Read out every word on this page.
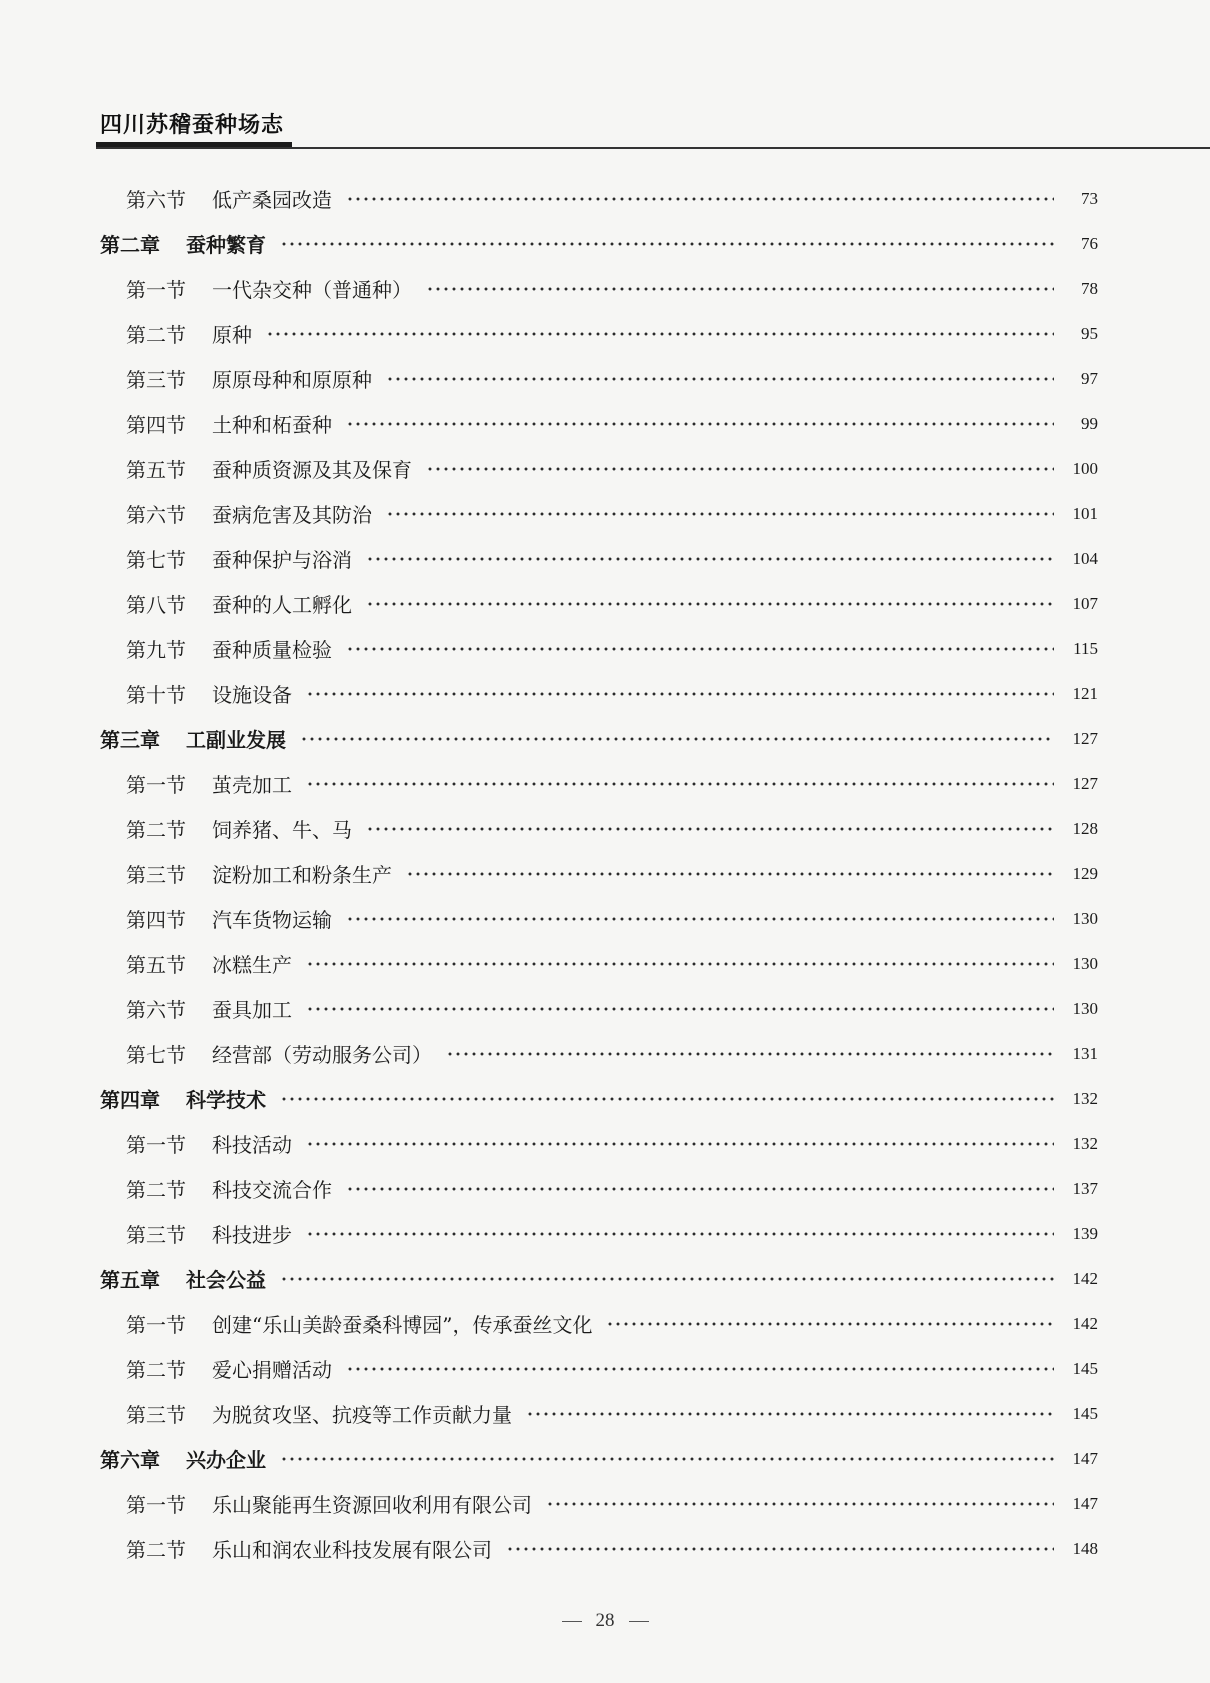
四川苏稽蚕种场志
第六节 低产桑园改造	73
第二章 蚕种繁育	76
第一节 一代杂交种（普通种）	78
第二节 原种	95
第三节 原原母种和原原种	97
第四节 土种和柘蚕种	99
第五节 蚕种质资源及其及保育	100
第六节 蚕病危害及其防治	101
第七节 蚕种保护与浴消	104
第八节 蚕种的人工孵化	107
第九节 蚕种质量检验	115
第十节 设施设备	121
第三章 工副业发展	127
第一节 茧壳加工	127
第二节 饲养猪、牛、马	128
第三节 淀粉加工和粉条生产	129
第四节 汽车货物运输	130
第五节 冰糕生产	130
第六节 蚕具加工	130
第七节 经营部（劳动服务公司）	131
第四章 科学技术	132
第一节 科技活动	132
第二节 科技交流合作	137
第三节 科技进步	139
第五章 社会公益	142
第一节 创建“乐山美龄蚕桑科博园”，传承蚕丝文化	142
第二节 爱心捐赠活动	145
第三节 为脱贫攻坚、抗疫等工作贡献力量	145
第六章 兴办企业	147
第一节 乐山聚能再生资源回收利用有限公司	147
第二节 乐山和润农业科技发展有限公司	148
28
